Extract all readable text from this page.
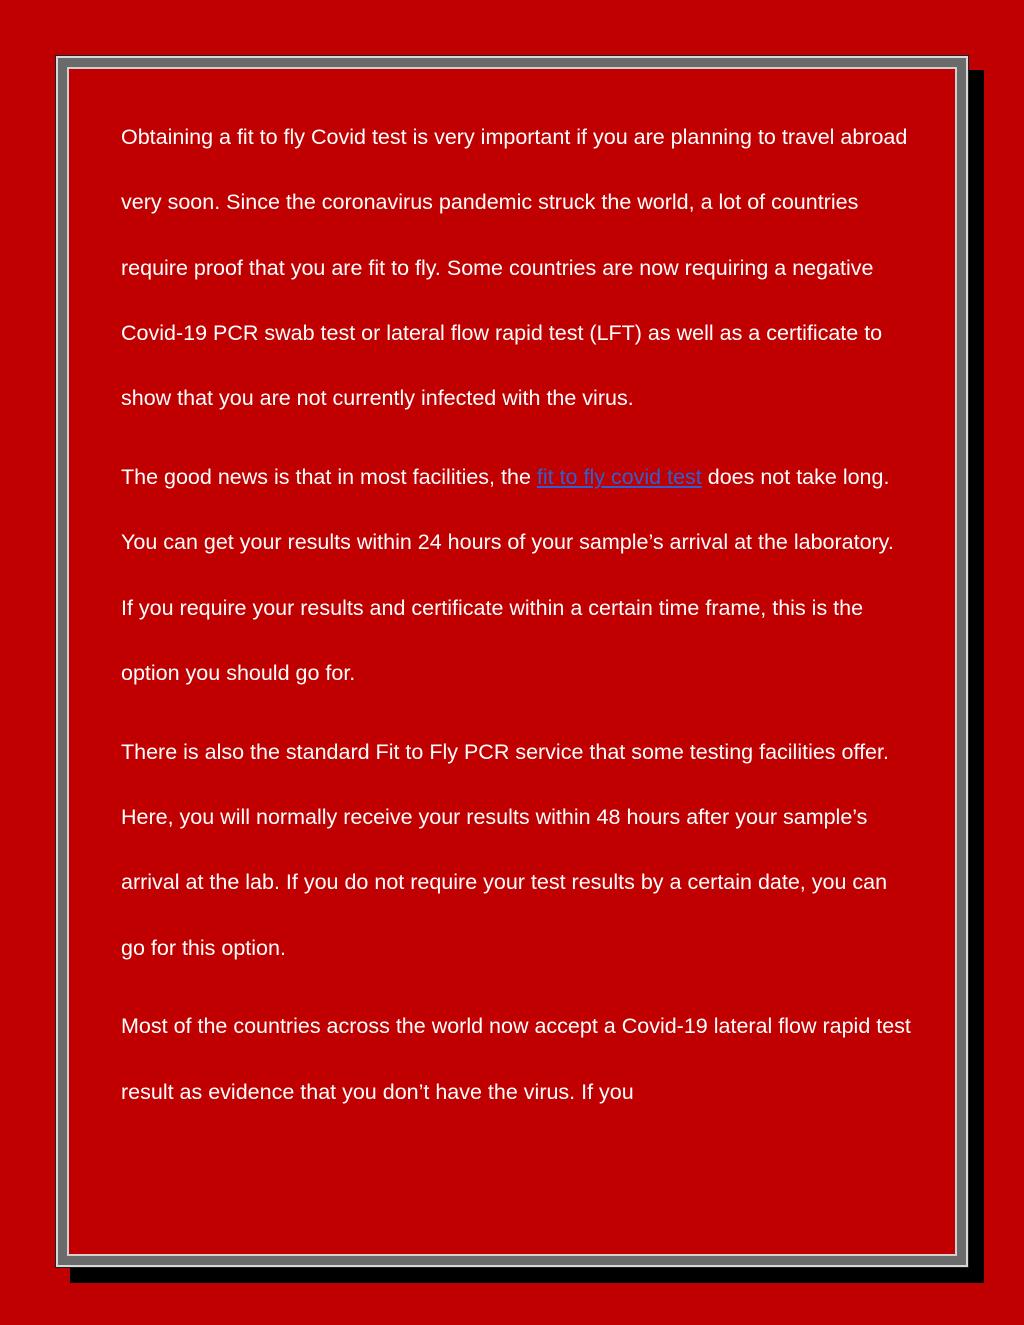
Obtaining a fit to fly Covid test is very important if you are planning to travel abroad very soon. Since the coronavirus pandemic struck the world, a lot of countries require proof that you are fit to fly. Some countries are now requiring a negative Covid-19 PCR swab test or lateral flow rapid test (LFT) as well as a certificate to show that you are not currently infected with the virus.

The good news is that in most facilities, the fit to fly covid test does not take long. You can get your results within 24 hours of your sample’s arrival at the laboratory. If you require your results and certificate within a certain time frame, this is the option you should go for.

There is also the standard Fit to Fly PCR service that some testing facilities offer. Here, you will normally receive your results within 48 hours after your sample’s arrival at the lab. If you do not require your test results by a certain date, you can go for this option.

Most of the countries across the world now accept a Covid-19 lateral flow rapid test result as evidence that you don’t have the virus. If you
